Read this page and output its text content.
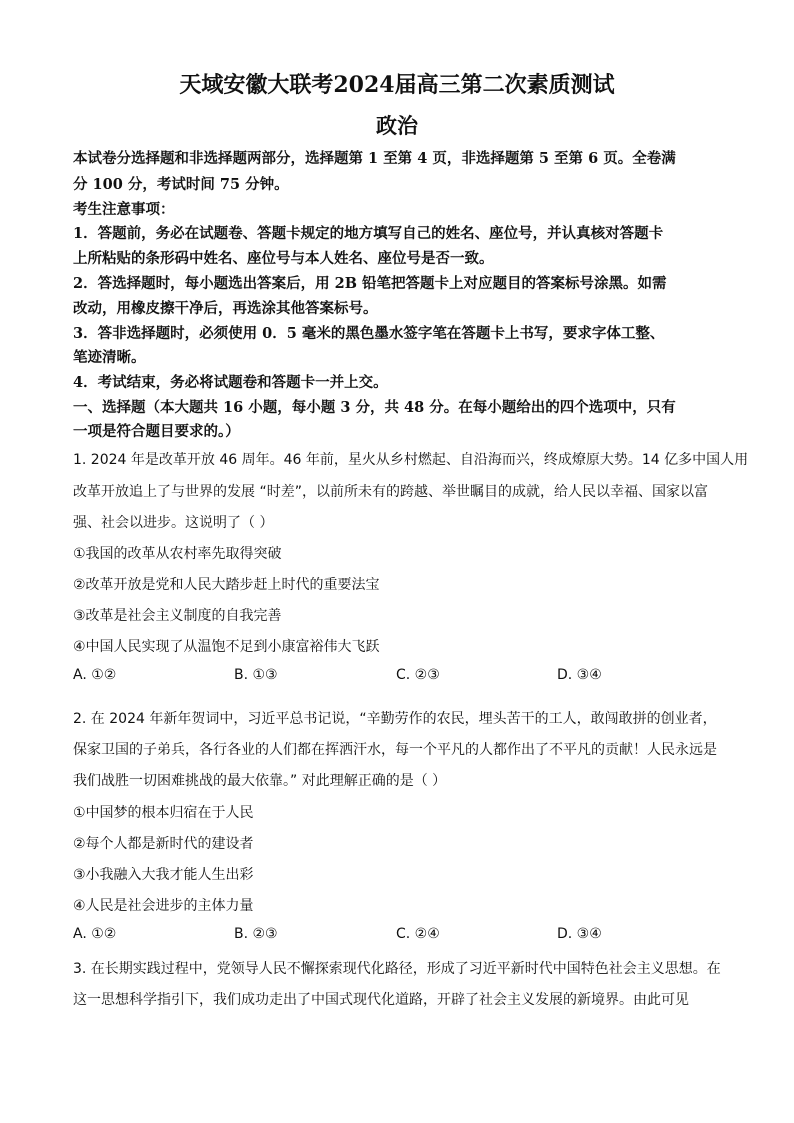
天域安徽大联考2024届高三第二次素质测试
政治
本试卷分选择题和非选择题两部分，选择题第 1 至第 4 页，非选择题第 5 至第 6 页。全卷满
分 100 分，考试时间 75 分钟。
考生注意事项：
1．答题前，务必在试题卷、答题卡规定的地方填写自己的姓名、座位号，并认真核对答题卡
上所粘贴的条形码中姓名、座位号与本人姓名、座位号是否一致。
2．答选择题时，每小题选出答案后，用 2B 铅笔把答题卡上对应题目的答案标号涂黑。如需
改动，用橡皮擦干净后，再选涂其他答案标号。
3．答非选择题时，必须使用 0．5 毫米的黑色墨水签字笔在答题卡上书写，要求字体工整、
笔迹清晰。
4．考试结束，务必将试题卷和答题卡一并上交。
一、选择题（本大题共 16 小题，每小题 3 分，共 48 分。在每小题给出的四个选项中，只有
一项是符合题目要求的。）
1. 2024 年是改革开放 46 周年。46 年前，星火从乡村燃起、自沿海而兴，终成燎原大势。14 亿多中国人用
改革开放追上了与世界的发展 “时差”，以前所未有的跨越、举世瞩目的成就，给人民以幸福、国家以富
强、社会以进步。这说明了（ ）
①我国的改革从农村率先取得突破
②改革开放是党和人民大踏步赶上时代的重要法宝
③改革是社会主义制度的自我完善
④中国人民实现了从温饱不足到小康富裕伟大飞跃
A. ①②	B. ①③	C. ②③	D. ③④
2. 在 2024 年新年贺词中，习近平总书记说，“辛勤劳作的农民，埋头苦干的工人，敢闯敢拼的创业者，
保家卫国的子弟兵，各行各业的人们都在挥洒汗水，每一个平凡的人都作出了不平凡的贡献！人民永远是
我们战胜一切困难挑战的最大依靠。” 对此理解正确的是（ ）
①中国梦的根本归宿在于人民
②每个人都是新时代的建设者
③小我融入大我才能人生出彩
④人民是社会进步的主体力量
A. ①②	B. ②③	C. ②④	D. ③④
3. 在长期实践过程中，党领导人民不懈探索现代化路径，形成了习近平新时代中国特色社会主义思想。在
这一思想科学指引下，我们成功走出了中国式现代化道路，开辟了社会主义发展的新境界。由此可见
